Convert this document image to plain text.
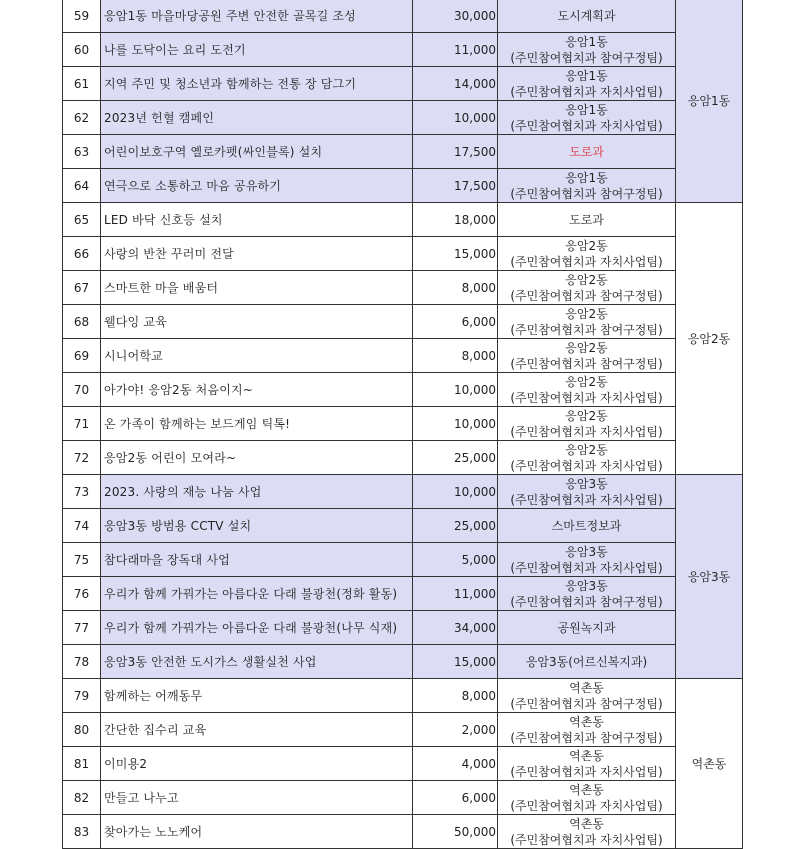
59	응암1동 마을마당공원 주변 안전한 골목길 조성	30,000	도시계획과	응암1동
60	나를 도닥이는 요리 도전기	11,000	응암1동
(주민참여협치과 참여구정팀)	

61	지역 주민 및 청소년과 함께하는 전통 장 담그기	14,000	응암1동
(주민참여협치과 자치사업팀)	

62	2023년 헌혈 캠페인	10,000	응암1동
(주민참여협치과 자치사업팀)	

63	어린이보호구역 옐로카펫(싸인블록) 설치	17,500	도로과	

64	연극으로 소통하고 마음 공유하기	17,500	응암1동
(주민참여협치과 참여구정팀)	

65	LED 바닥 신호등 설치	18,000	도로과	응암2동
66	사랑의 반찬 꾸러미 전달	15,000	응암2동
(주민참여협치과 자치사업팀)	

67	스마트한 마을 배움터	8,000	응암2동
(주민참여협치과 참여구정팀)	

68	웰다잉 교육	6,000	응암2동
(주민참여협치과 참여구정팀)	

69	시니어학교	8,000	응암2동
(주민참여협치과 참여구정팀)	

70	아가야! 응암2동 처음이지~	10,000	응암2동
(주민참여협치과 자치사업팀)	

71	온 가족이 함께하는 보드게임 틱톡!	10,000	응암2동
(주민참여협치과 자치사업팀)	

72	응암2동 어린이 모여라~	25,000	응암2동
(주민참여협치과 자치사업팀)	

73	2023. 사랑의 재능 나눔 사업	10,000	응암3동
(주민참여협치과 자치사업팀)	응암3동
74	응암3동 방범용 CCTV 설치	25,000	스마트정보과	

75	참다래마을 장독대 사업	5,000	응암3동
(주민참여협치과 자치사업팀)	

76	우리가 함께 가꿔가는 아름다운 다래 불광천(정화 활동)	11,000	응암3동
(주민참여협치과 참여구정팀)	

77	우리가 함께 가꿔가는 아름다운 다래 불광천(나무 식재)	34,000	공원녹지과	

78	응암3동 안전한 도시가스 생활실천 사업	15,000	응암3동(어르신복지과)	

79	함께하는 어깨동무	8,000	역촌동
(주민참여협치과 참여구정팀)	역촌동
80	간단한 집수리 교육	2,000	역촌동
(주민참여협치과 참여구정팀)	

81	이미용2	4,000	역촌동
(주민참여협치과 자치사업팀)	

82	만들고 나누고	6,000	역촌동
(주민참여협치과 자치사업팀)	

83	찾아가는 노노케어	50,000	역촌동
(주민참여협치과 자치사업팀)	
